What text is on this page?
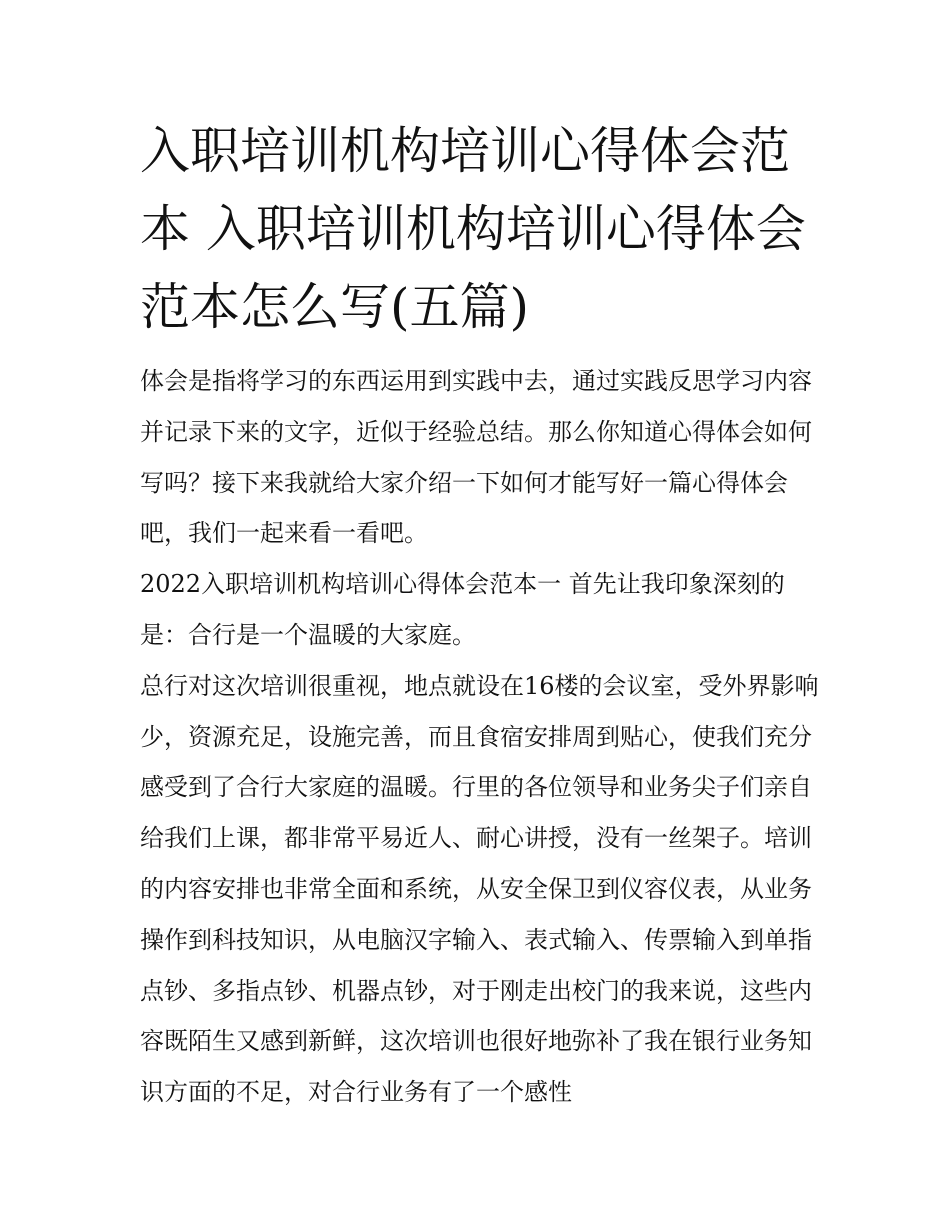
入职培训机构培训心得体会范本 入职培训机构培训心得体会范本怎么写(五篇)

体会是指将学习的东西运用到实践中去，通过实践反思学习内容并记录下来的文字，近似于经验总结。那么你知道心得体会如何写吗？接下来我就给大家介绍一下如何才能写好一篇心得体会吧，我们一起来看一看吧。

2022入职培训机构培训心得体会范本一 首先让我印象深刻的是：合行是一个温暖的大家庭。

总行对这次培训很重视，地点就设在16楼的会议室，受外界影响少，资源充足，设施完善，而且食宿安排周到贴心，使我们充分感受到了合行大家庭的温暖。行里的各位领导和业务尖子们亲自给我们上课，都非常平易近人、耐心讲授，没有一丝架子。培训的内容安排也非常全面和系统，从安全保卫到仪容仪表，从业务操作到科技知识，从电脑汉字输入、表式输入、传票输入到单指点钞、多指点钞、机器点钞，对于刚走出校门的我来说，这些内容既陌生又感到新鲜，这次培训也很好地弥补了我在银行业务知识方面的不足，对合行业务有了一个感性
